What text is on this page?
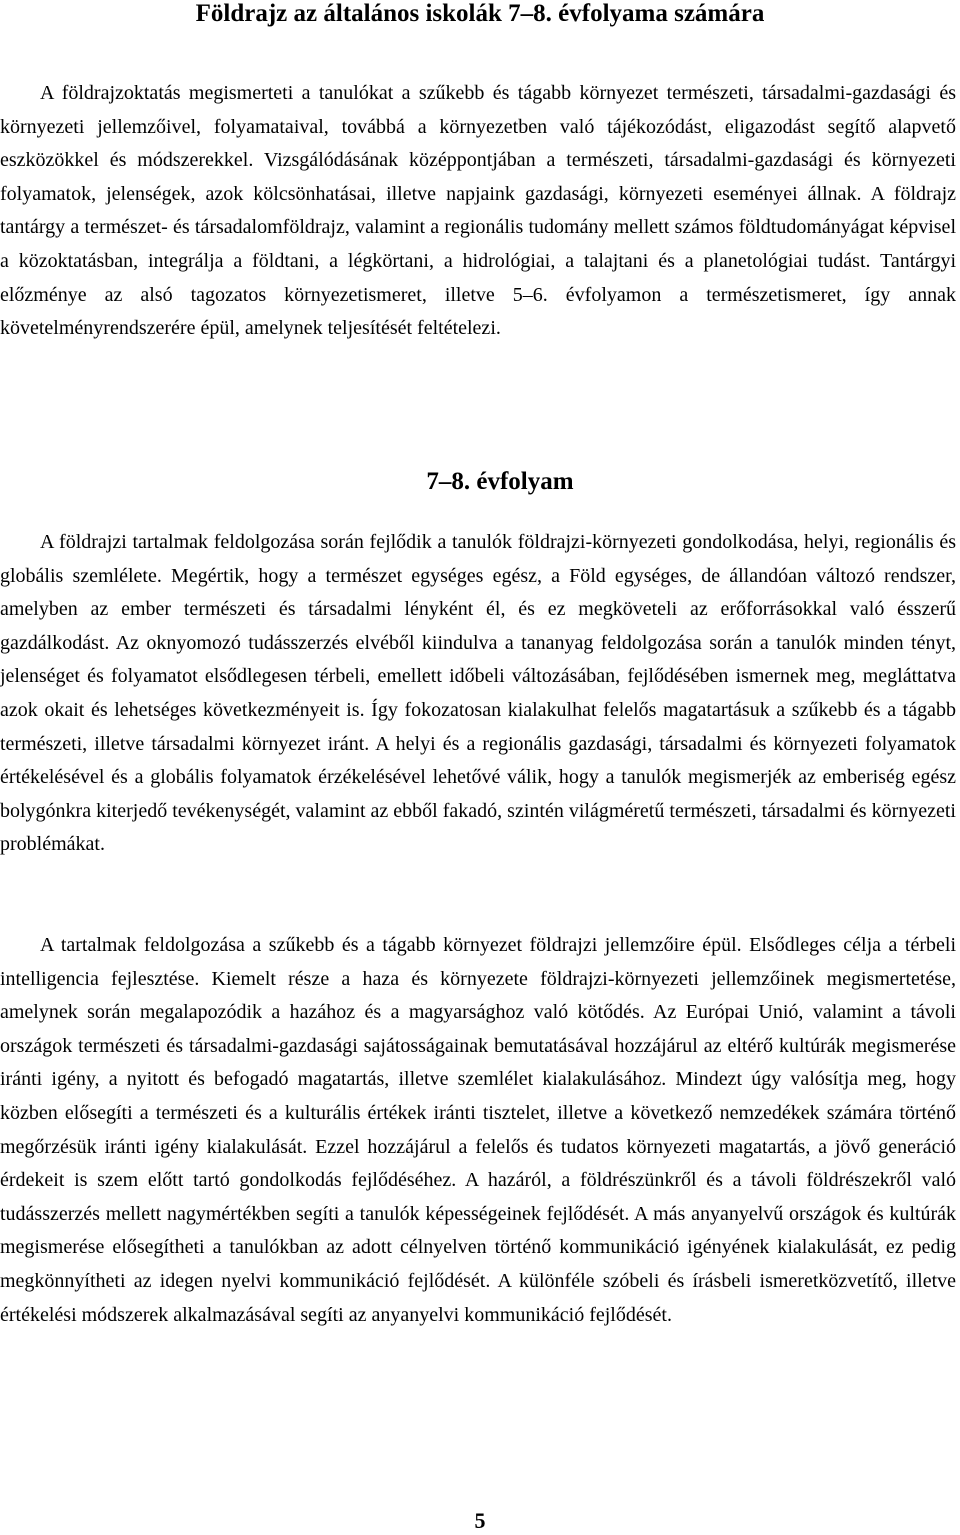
Földrajz az általános iskolák 7–8. évfolyama számára

A földrajzoktatás megismerteti a tanulókat a szűkebb és tágabb környezet természeti, társadalmi-gazdasági és környezeti jellemzőivel, folyamataival, továbbá a környezetben való tájékozódást, eligazodást segítő alapvető eszközökkel és módszerekkel. Vizsgálódásának középpontjában a természeti, társadalmi-gazdasági és környezeti folyamatok, jelenségek, azok kölcsönhatásai, illetve napjaink gazdasági, környezeti eseményei állnak. A földrajz tantárgy a természet- és társadalomföldrajz, valamint a regionális tudomány mellett számos földtudományágat képvisel a közoktatásban, integrálja a földtani, a légkörtani, a hidrológiai, a talajtani és a planetológiai tudást. Tantárgyi előzménye az alsó tagozatos környezetismeret, illetve 5–6. évfolyamon a természetismeret, így annak követelményrendszerére épül, amelynek teljesítését feltételezi.

7–8. évfolyam

A földrajzi tartalmak feldolgozása során fejlődik a tanulók földrajzi-környezeti gondolkodása, helyi, regionális és globális szemlélete. Megértik, hogy a természet egységes egész, a Föld egységes, de állandóan változó rendszer, amelyben az ember természeti és társadalmi lényként él, és ez megköveteli az erőforrásokkal való ésszerű gazdálkodást. Az oknyomozó tudásszerzés elvéből kiindulva a tananyag feldolgozása során a tanulók minden tényt, jelenséget és folyamatot elsődlegesen térbeli, emellett időbeli változásában, fejlődésében ismernek meg, megláttatva azok okait és lehetséges következményeit is. Így fokozatosan kialakulhat felelős magatartásuk a szűkebb és a tágabb természeti, illetve társadalmi környezet iránt. A helyi és a regionális gazdasági, társadalmi és környezeti folyamatok értékelésével és a globális folyamatok érzékelésével lehetővé válik, hogy a tanulók megismerjék az emberiség egész bolygónkra kiterjedő tevékenységét, valamint az ebből fakadó, szintén világméretű természeti, társadalmi és környezeti problémákat.

A tartalmak feldolgozása a szűkebb és a tágabb környezet földrajzi jellemzőire épül. Elsődleges célja a térbeli intelligencia fejlesztése. Kiemelt része a haza és környezete földrajzi-környezeti jellemzőinek megismertetése, amelynek során megalapozódik a hazához és a magyarsághoz való kötődés. Az Európai Unió, valamint a távoli országok természeti és társadalmi-gazdasági sajátosságainak bemutatásával hozzájárul az eltérő kultúrák megismerése iránti igény, a nyitott és befogadó magatartás, illetve szemlélet kialakulásához. Mindezt úgy valósítja meg, hogy közben elősegíti a természeti és a kulturális értékek iránti tisztelet, illetve a következő nemzedékek számára történő megőrzésük iránti igény kialakulását. Ezzel hozzájárul a felelős és tudatos környezeti magatartás, a jövő generáció érdekeit is szem előtt tartó gondolkodás fejlődéséhez. A hazáról, a földrészünkről és a távoli földrészekről való tudásszerzés mellett nagymértékben segíti a tanulók képességeinek fejlődését. A más anyanyelvű országok és kultúrák megismerése elősegítheti a tanulókban az adott célnyelven történő kommunikáció igényének kialakulását, ez pedig megkönnyítheti az idegen nyelvi kommunikáció fejlődését. A különféle szóbeli és írásbeli ismeretközvetítő, illetve értékelési módszerek alkalmazásával segíti az anyanyelvi kommunikáció fejlődését.

5
